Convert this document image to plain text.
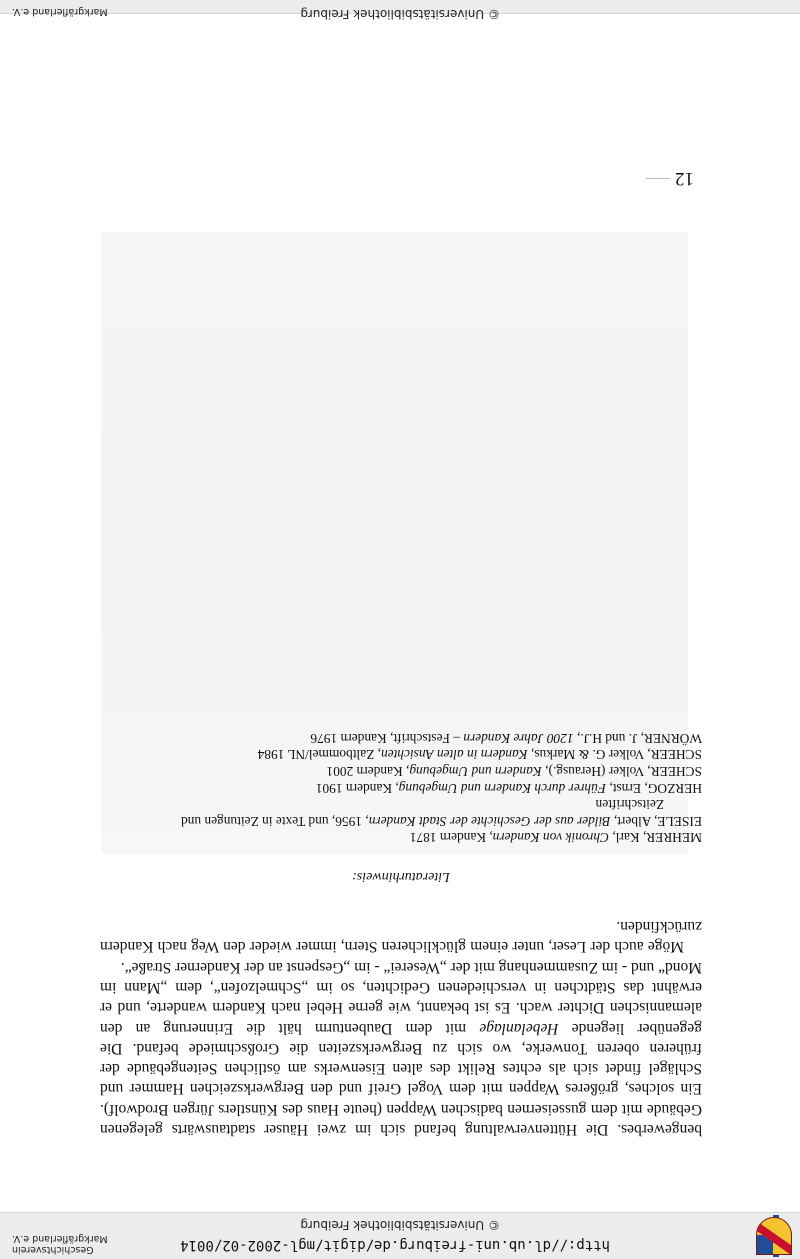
http://dl.ub.uni-freiburg.de/digit/mgl-2002-02/0014
© Universitätsbibliothek Freiburg
Geschichtsverein
Markgräflerland e.V.
© Universitätsbibliothek Freiburg
Markgräflerland e.V.
12

bengewerbes. Die Hüttenverwaltung befand sich im zwei Häuser stadtauswärts gelegenen Gebäude mit dem gusseisernen badischen Wappen (heute Haus des Künstlers Jürgen Brodwolf). Ein solches, größeres Wappen mit dem Vogel Greif und den Bergwerkszeichen Hammer und Schlägel findet sich als echtes Relikt des alten Eisenwerks am östlichen Seitengebäude der früheren oberen Tonwerke, wo sich zu Bergwerkszeiten die Großschmiede befand. Die gegenüber liegende Hebelanlage mit dem Daubenturm hält die Erinnerung an den alemannischen Dichter wach. Es ist bekannt, wie gerne Hebel nach Kandern wanderte, und er erwähnt das Städtchen in verschiedenen Gedichten, so im „Schmelzofen“, dem „Mann im Mond“ und - im Zusammenhang mit der „Weserei“ - im „Gespenst an der Kanderner Straße“.

Möge auch der Leser, unter einem glücklicheren Stern, immer wieder den Weg nach Kandern zurückfinden.

Literaturhinweis:
MEHRER, Karl, Chronik von Kandern, Kandern 1871
EISELE, Albert, Bilder aus der Geschichte der Stadt Kandern, 1956, und Texte in Zeitungen und
Zeitschriften
HERZOG, Ernst, Führer durch Kandern und Umgebung, Kandern 1901
SCHEER, Volker (Herausg.), Kandern und Umgebung, Kandern 2001
SCHEER, Volker G. & Markus, Kandern in alten Ansichten, Zaltbommel/NL 1984
WÖRNER, J. und H.J., 1200 Jahre Kandern – Festschrift, Kandern 1976
